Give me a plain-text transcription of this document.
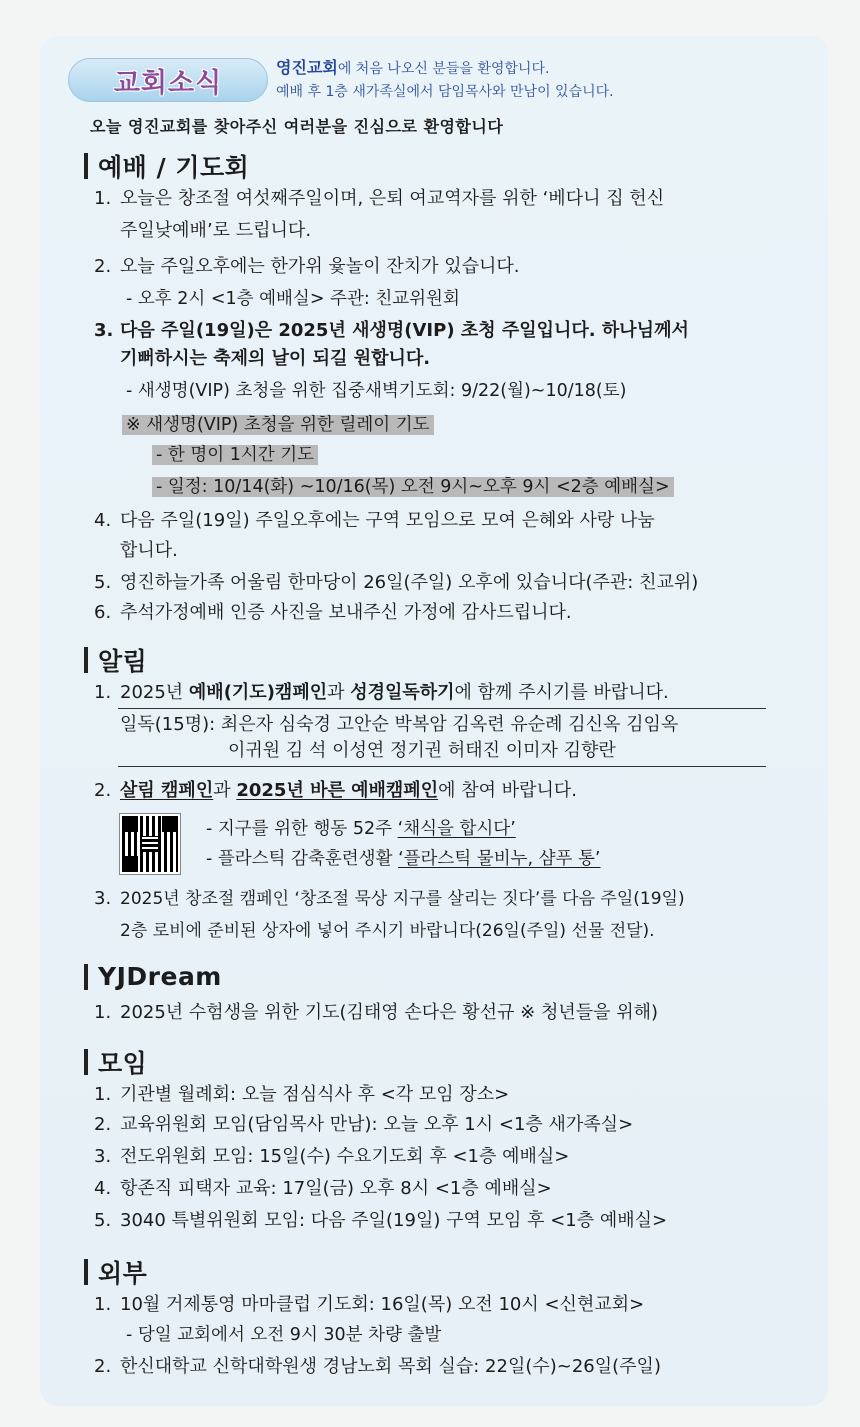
교회소식	영진교회에 처음 나오신 분들을 환영합니다.
예배 후 1층 새가족실에서 담임목사와 만남이 있습니다.
오늘 영진교회를 찾아주신 여러분을 진심으로 환영합니다
예배 / 기도회
1. 오늘은 창조절 여섯째주일이며, 은퇴 여교역자를 위한 ‘베다니 집 헌신
주일낮예배’로 드립니다.
2. 오늘 주일오후에는 한가위 윷놀이 잔치가 있습니다.
- 오후 2시 <1층 예배실> 주관: 친교위원회
3. 다음 주일(19일)은 2025년 새생명(VIP) 초청 주일입니다. 하나님께서
기뻐하시는 축제의 날이 되길 원합니다.
- 새생명(VIP) 초청을 위한 집중새벽기도회: 9/22(월)~10/18(토)
※ 새생명(VIP) 초청을 위한 릴레이 기도
- 한 명이 1시간 기도
- 일정: 10/14(화) ~10/16(목) 오전 9시~오후 9시 <2층 예배실>
4. 다음 주일(19일) 주일오후에는 구역 모임으로 모여 은혜와 사랑 나눔
합니다.
5. 영진하늘가족 어울림 한마당이 26일(주일) 오후에 있습니다(주관: 친교위)
6. 추석가정예배 인증 사진을 보내주신 가정에 감사드립니다.
알림
1. 2025년 예배(기도)캠페인과 성경일독하기에 함께 주시기를 바랍니다.
일독(15명): 최은자 심숙경 고안순 박복암 김옥련 유순례 김신옥 김임옥
이귀원 김 석 이성연 정기권 허태진 이미자 김향란
2. 살림 캠페인과 2025년 바른 예배캠페인에 참여 바랍니다.
- 지구를 위한 행동 52주 ‘채식을 합시다’
- 플라스틱 감축훈련생활 ‘플라스틱 물비누, 샴푸 통’
3. 2025년 창조절 캠페인 ‘창조절 묵상 지구를 살리는 짓다’를 다음 주일(19일)
2층 로비에 준비된 상자에 넣어 주시기 바랍니다(26일(주일) 선물 전달).
YJDream
1. 2025년 수험생을 위한 기도(김태영 손다은 황선규 ※ 청년들을 위해)
모임
1. 기관별 월례회: 오늘 점심식사 후 <각 모임 장소>
2. 교육위원회 모임(담임목사 만남): 오늘 오후 1시 <1층 새가족실>
3. 전도위원회 모임: 15일(수) 수요기도회 후 <1층 예배실>
4. 항존직 피택자 교육: 17일(금) 오후 8시 <1층 예배실>
5. 3040 특별위원회 모임: 다음 주일(19일) 구역 모임 후 <1층 예배실>
외부
1. 10월 거제통영 마마클럽 기도회: 16일(목) 오전 10시 <신현교회>
- 당일 교회에서 오전 9시 30분 차량 출발
2. 한신대학교 신학대학원생 경남노회 목회 실습: 22일(수)~26일(주일)
